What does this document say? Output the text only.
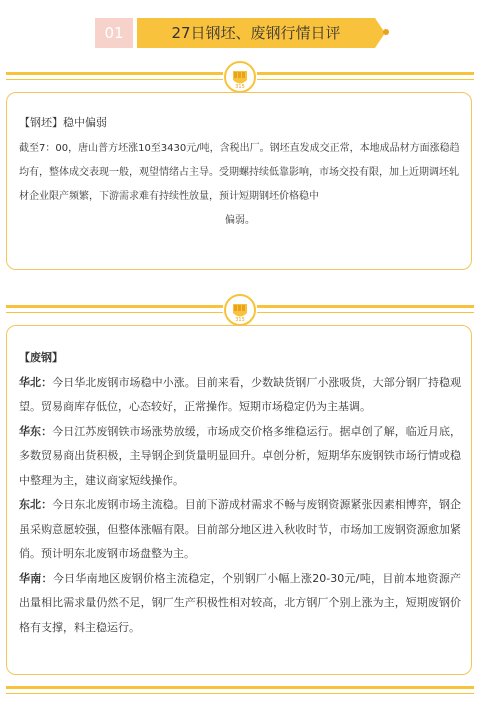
01	27日钢坯、废钢行情日评
315

【钢坯】稳中偏弱

截至7：00，唐山普方坯涨10至3430元/吨，含税出厂。钢坯直发成交正常，本地成品材方面涨稳趋均有，整体成交表现一般，观望情绪占主导。受期螺持续低靠影响，市场交投有限，加上近期调坯轧材企业限产频繁，下游需求难有持续性放量，预计短期钢坯价格稳中

偏弱。

315

【废钢】

华北：今日华北废钢市场稳中小涨。目前来看，少数缺货钢厂小涨吸货，大部分钢厂持稳观望。贸易商库存低位，心态较好，正常操作。短期市场稳定仍为主基调。

华东：今日江苏废钢铁市场涨势放缓，市场成交价格多维稳运行。据卓创了解，临近月底，多数贸易商出货积极，主导钢企到货量明显回升。卓创分析，短期华东废钢铁市场行情或稳中整理为主，建议商家短线操作。

东北：今日东北废钢市场主流稳。目前下游成材需求不畅与废钢资源紧张因素相博弈，钢企虽采购意愿较强，但整体涨幅有限。目前部分地区进入秋收时节，市场加工废钢资源愈加紧俏。预计明东北废钢市场盘整为主。

华南：今日华南地区废钢价格主流稳定，个别钢厂小幅上涨20-30元/吨，目前本地资源产出量相比需求量仍然不足，钢厂生产积极性相对较高，北方钢厂个别上涨为主，短期废钢价格有支撑，料主稳运行。
